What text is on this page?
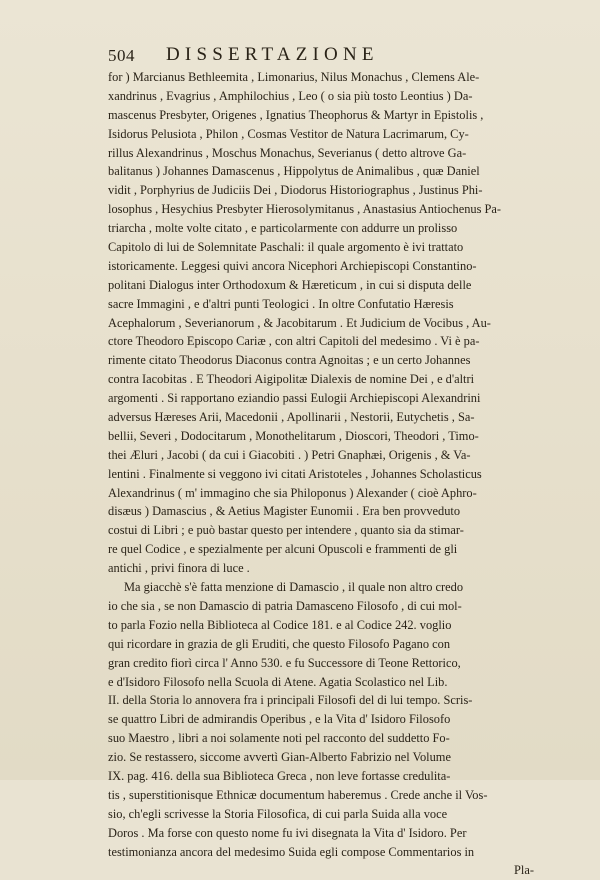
504 DISSERTAZIONE
for ) Marcianus Bethleemita , Limonarius, Nilus Monachus , Clemens Ale-
xandrinus , Evagrius , Amphilochius , Leo ( o sia più tosto Leontius ) Da-
mascenus Presbyter, Origenes , Ignatius Theophorus & Martyr in Epistolis ,
Isidorus Pelusiota , Philon , Cosmas Vestitor de Natura Lacrimarum, Cy-
rillus Alexandrinus , Moschus Monachus, Severianus ( detto altrove Ga-
balitanus ) Johannes Damascenus , Hippolytus de Animalibus , quæ Daniel
vidit , Porphyrius de Judiciis Dei , Diodorus Historiographus , Justinus Phi-
losophus , Hesychius Presbyter Hierosolymitanus , Anastasius Antiochenus Pa-
triarcha , molte volte citato , e particolarmente con addurre un prolisso
Capitolo di lui de Solemnitate Paschali: il quale argomento è ivi trattato
istoricamente. Leggesi quivi ancora Nicephori Archiepiscopi Constantino-
politani Dialogus inter Orthodoxum & Hæreticum , in cui si disputa delle
sacre Immagini , e d'altri punti Teologici . In oltre Confutatio Hæresis
Acephalorum , Severianorum , & Jacobitarum . Et Judicium de Vocibus , Au-
ctore Theodoro Episcopo Cariæ , con altri Capitoli del medesimo . Vi è pa-
rimente citato Theodorus Diaconus contra Agnoitas ; e un certo Johannes
contra Iacobitas . E Theodori Aigipolitæ Dialexis de nomine Dei , e d'altri
argomenti . Si rapportano eziandio passi Eulogii Archiepiscopi Alexandrini
adversus Hæreses Arii, Macedonii , Apollinarii , Nestorii, Eutychetis , Sa-
bellii, Severi , Dodocitarum , Monothelitarum , Dioscori, Theodori , Timo-
thei Æluri , Jacobi ( da cui i Giacobiti . ) Petri Gnaphæi, Origenis , & Va-
lentini . Finalmente si veggono ivi citati Aristoteles , Johannes Scholasticus
Alexandrinus ( m' immagino che sia Philoponus ) Alexander ( cioè Aphro-
disæus ) Damascius , & Aetius Magister Eunomii . Era ben provveduto
costui di Libri ; e può bastar questo per intendere , quanto sia da stimar-
re quel Codice , e spezialmente per alcuni Opuscoli e frammenti de gli
antichi , privi finora di luce .
Ma giacchè s'è fatta menzione di Damascio , il quale non altro credo
io che sia , se non Damascio di patria Damasceno Filosofo , di cui mol-
to parla Fozio nella Biblioteca al Codice 181. e al Codice 242. voglio
qui ricordare in grazia de gli Eruditi, che questo Filosofo Pagano con
gran credito fiorì circa l' Anno 530. e fu Successore di Teone Rettorico,
e d'Isidoro Filosofo nella Scuola di Atene. Agatia Scolastico nel Lib.
II. della Storia lo annovera fra i principali Filosofi del di lui tempo. Scris-
se quattro Libri de admirandis Operibus , e la Vita d' Isidoro Filosofo
suo Maestro , libri a noi solamente noti pel racconto del suddetto Fo-
zio. Se restassero, siccome avvertì Gian-Alberto Fabrizio nel Volume
IX. pag. 416. della sua Biblioteca Greca , non leve fortasse credulita-
tis , superstitionisque Ethnicæ documentum haberemus . Crede anche il Vos-
sio, ch'egli scrivesse la Storia Filosofica, di cui parla Suida alla voce
Doros . Ma forse con questo nome fu ivi disegnata la Vita d' Isidoro. Per
testimonianza ancora del medesimo Suida egli compose Commentarios in
Pla-
